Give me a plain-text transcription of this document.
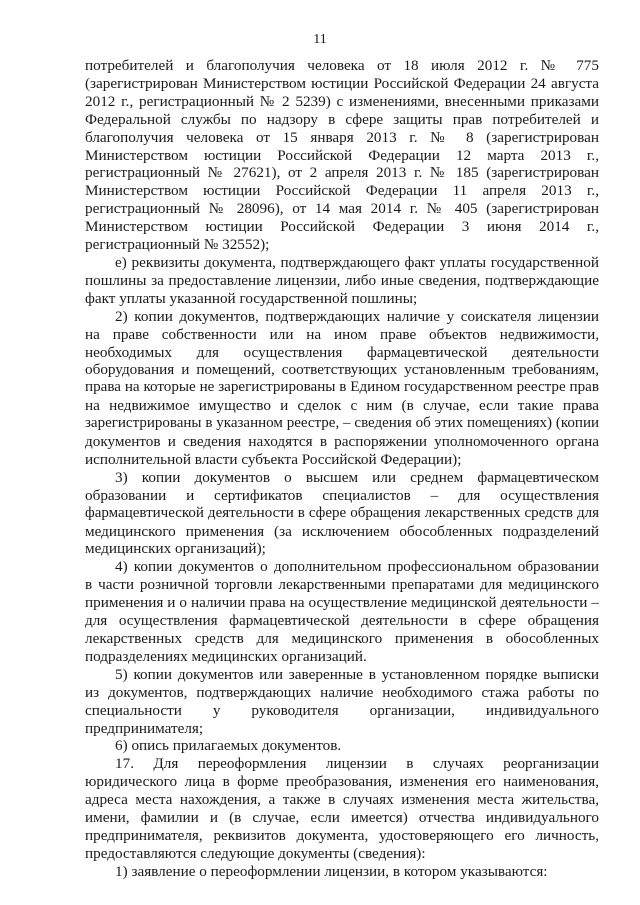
11
потребителей и благополучия человека от 18 июля 2012 г. № 775
(зарегистрирован Министерством юстиции Российской Федерации 24 августа
2012 г., регистрационный № 2 5239) с изменениями, внесенными приказами
Федеральной службы по надзору в сфере защиты прав потребителей и
благополучия человека от 15 января 2013 г. № 8 (зарегистрирован
Министерством юстиции Российской Федерации 12 марта 2013 г.,
регистрационный № 27621), от 2 апреля 2013 г. № 185 (зарегистрирован
Министерством юстиции Российской Федерации 11 апреля 2013 г.,
регистрационный № 28096), от 14 мая 2014 г. № 405 (зарегистрирован
Министерством юстиции Российской Федерации 3 июня 2014 г.,
регистрационный № 32552);
е) реквизиты документа, подтверждающего факт уплаты государственной
пошлины за предоставление лицензии, либо иные сведения, подтверждающие
факт уплаты указанной государственной пошлины;
2) копии документов, подтверждающих наличие у соискателя лицензии
на праве собственности или на ином праве объектов недвижимости,
необходимых для осуществления фармацевтической деятельности
оборудования и помещений, соответствующих установленным требованиям,
права на которые не зарегистрированы в Едином государственном реестре прав
на недвижимое имущество и сделок с ним (в случае, если такие права
зарегистрированы в указанном реестре, – сведения об этих помещениях) (копии
документов и сведения находятся в распоряжении уполномоченного органа
исполнительной власти субъекта Российской Федерации);
3) копии документов о высшем или среднем фармацевтическом
образовании и сертификатов специалистов – для осуществления
фармацевтической деятельности в сфере обращения лекарственных средств для
медицинского применения (за исключением обособленных подразделений
медицинских организаций);
4) копии документов о дополнительном профессиональном образовании
в части розничной торговли лекарственными препаратами для медицинского
применения и о наличии права на осуществление медицинской деятельности –
для осуществления фармацевтической деятельности в сфере обращения
лекарственных средств для медицинского применения в обособленных
подразделениях медицинских организаций.
5) копии документов или заверенные в установленном порядке выписки
из документов, подтверждающих наличие необходимого стажа работы по
специальности у руководителя организации, индивидуального
предпринимателя;
6) опись прилагаемых документов.
17. Для переоформления лицензии в случаях реорганизации
юридического лица в форме преобразования, изменения его наименования,
адреса места нахождения, а также в случаях изменения места жительства,
имени, фамилии и (в случае, если имеется) отчества индивидуального
предпринимателя, реквизитов документа, удостоверяющего его личность,
предоставляются следующие документы (сведения):
1) заявление о переоформлении лицензии, в котором указываются:
